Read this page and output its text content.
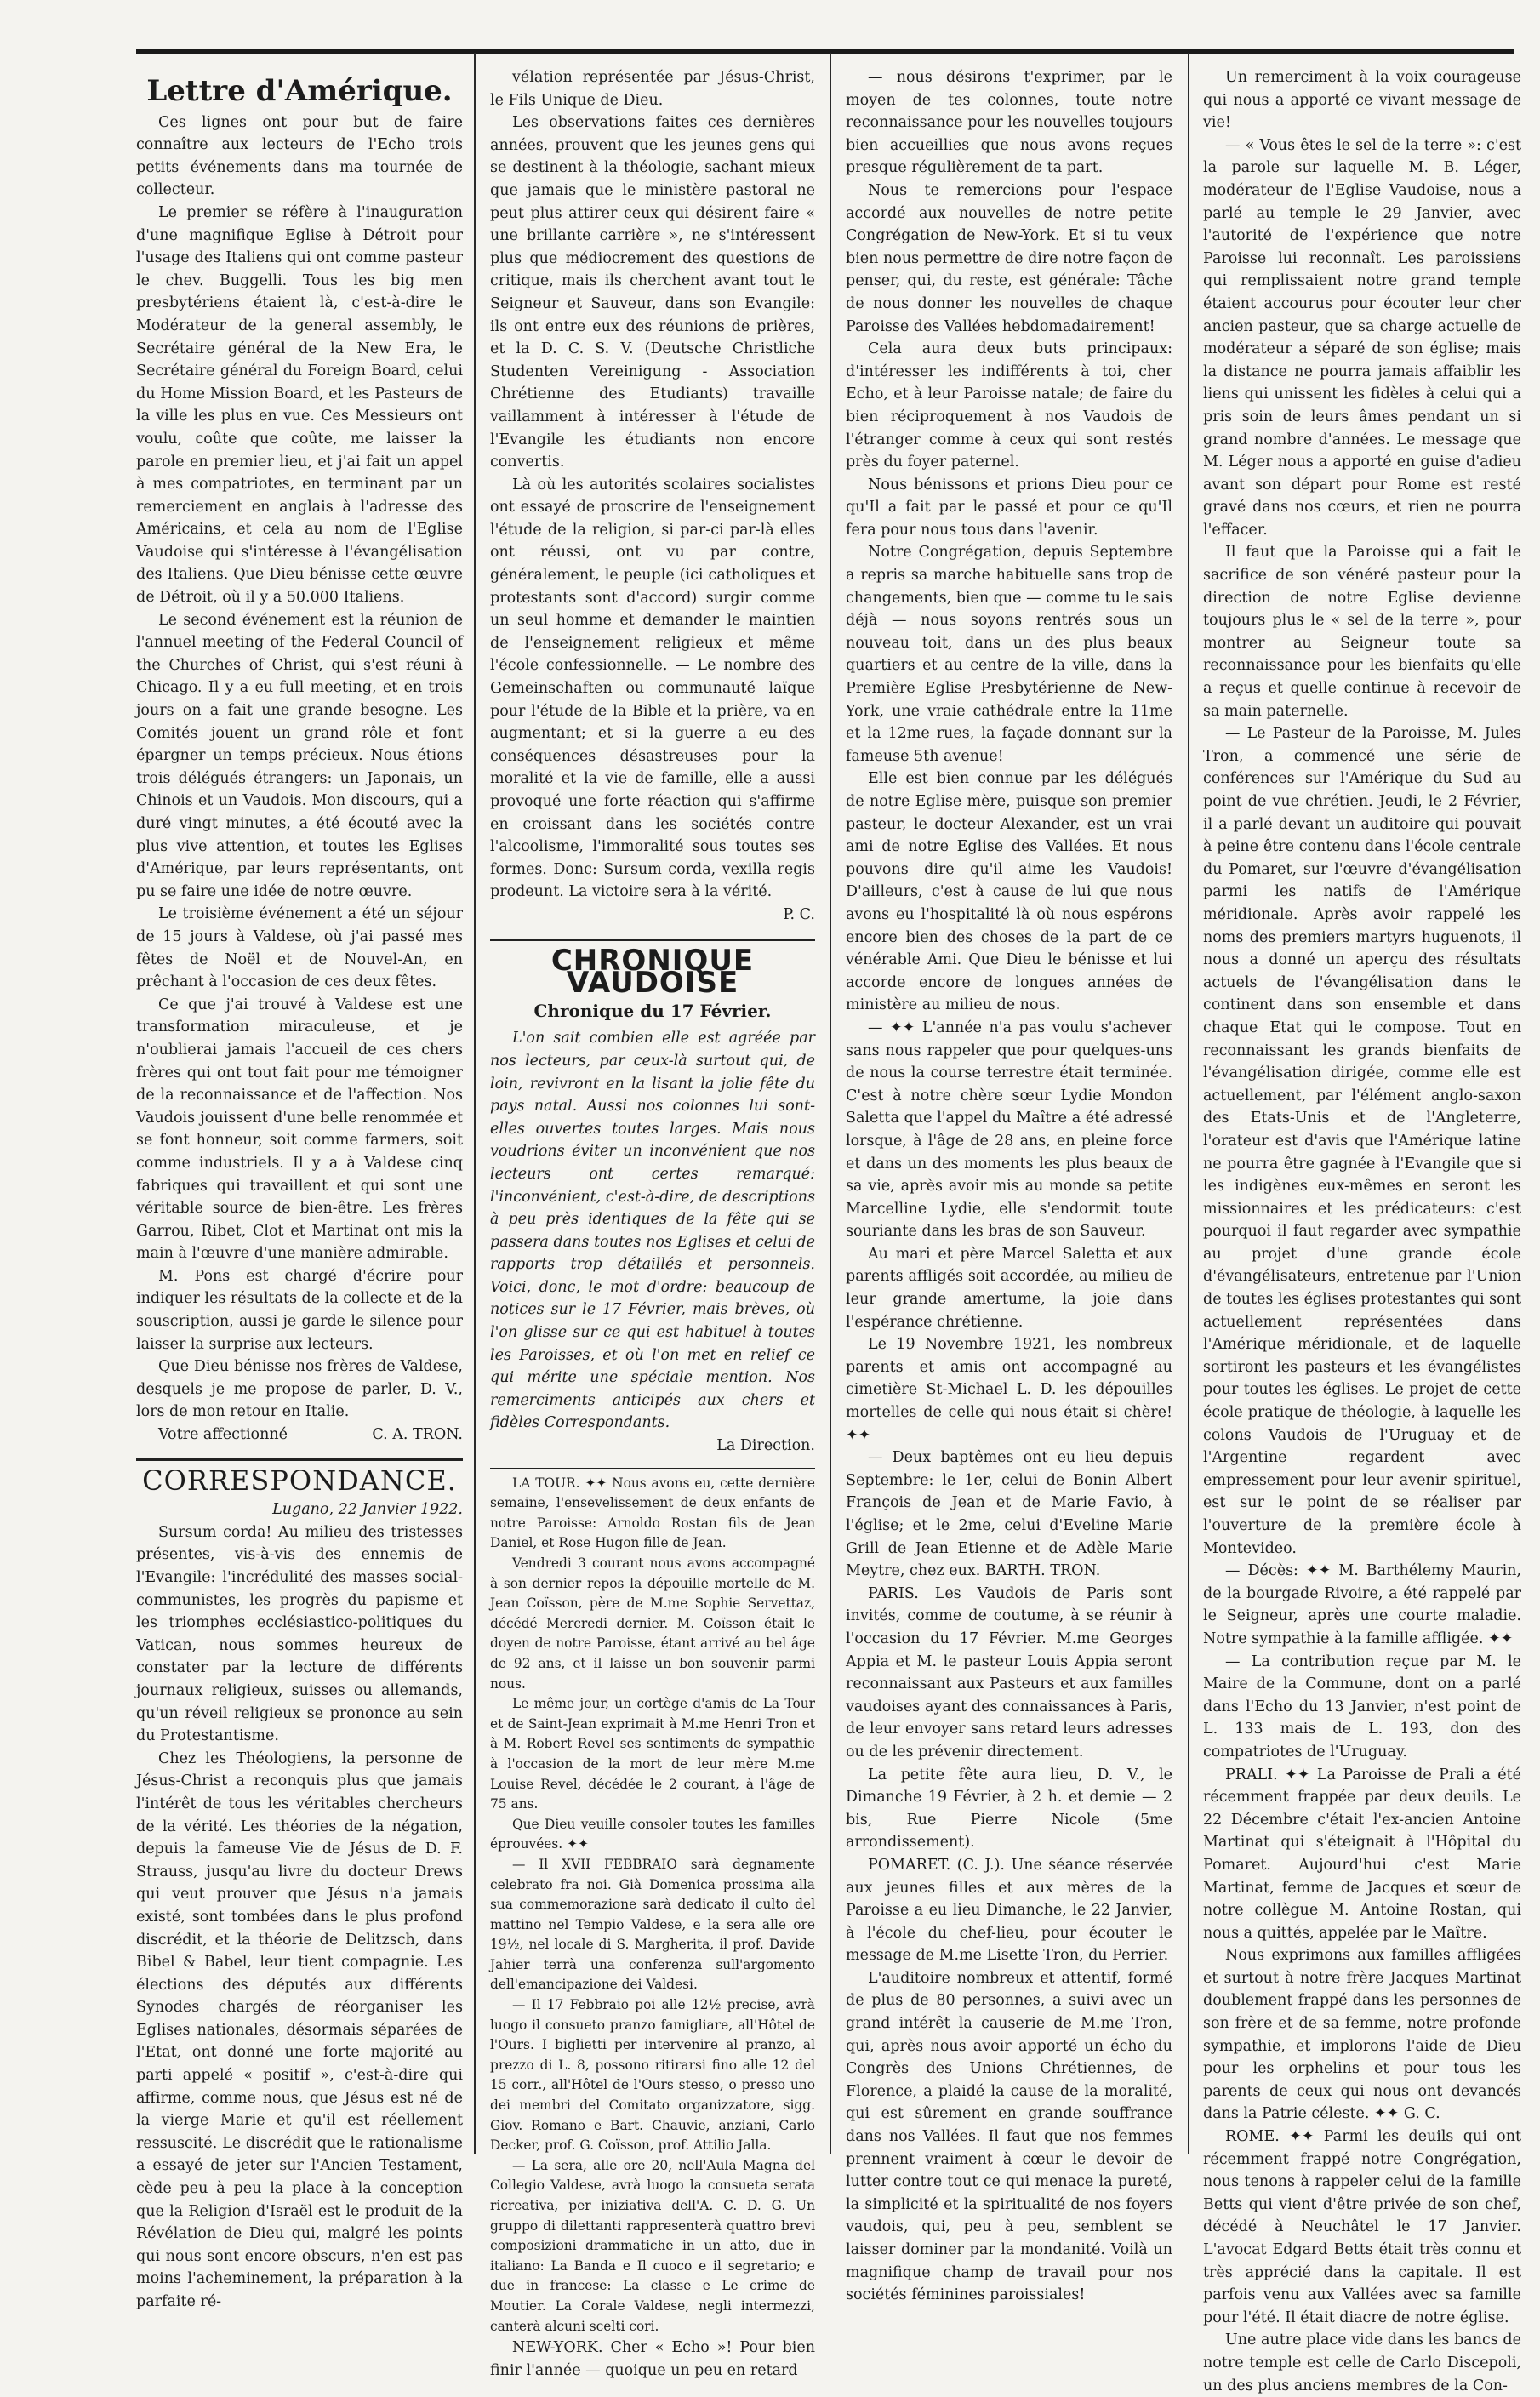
Lettre d'Amérique.

Ces lignes ont pour but de faire connaître aux lecteurs de l'Echo trois petits événements dans ma tournée de collecteur.

Le premier se réfère à l'inauguration d'une magnifique Eglise à Détroit pour l'usage des Italiens qui ont comme pasteur le chev. Buggelli. Tous les big men presbytériens étaient là, c'est-à-dire le Modérateur de la general assembly, le Secrétaire général de la New Era, le Secrétaire général du Foreign Board, celui du Home Mission Board, et les Pasteurs de la ville les plus en vue. Ces Messieurs ont voulu, coûte que coûte, me laisser la parole en premier lieu, et j'ai fait un appel à mes compatriotes, en terminant par un remerciement en anglais à l'adresse des Américains, et cela au nom de l'Eglise Vaudoise qui s'intéresse à l'évangélisation des Italiens. Que Dieu bénisse cette œuvre de Détroit, où il y a 50.000 Italiens.

Le second événement est la réunion de l'annuel meeting of the Federal Council of the Churches of Christ, qui s'est réuni à Chicago. Il y a eu full meeting, et en trois jours on a fait une grande besogne. Les Comités jouent un grand rôle et font épargner un temps précieux. Nous étions trois délégués étrangers: un Japonais, un Chinois et un Vaudois. Mon discours, qui a duré vingt minutes, a été écouté avec la plus vive attention, et toutes les Eglises d'Amérique, par leurs représentants, ont pu se faire une idée de notre œuvre.

Le troisième événement a été un séjour de 15 jours à Valdese, où j'ai passé mes fêtes de Noël et de Nouvel-An, en prêchant à l'occasion de ces deux fêtes.

Ce que j'ai trouvé à Valdese est une transformation miraculeuse, et je n'oublierai jamais l'accueil de ces chers frères qui ont tout fait pour me témoigner de la reconnaissance et de l'affection. Nos Vaudois jouissent d'une belle renommée et se font honneur, soit comme farmers, soit comme industriels. Il y a à Valdese cinq fabriques qui travaillent et qui sont une véritable source de bien-être. Les frères Garrou, Ribet, Clot et Martinat ont mis la main à l'œuvre d'une manière admirable.

M. Pons est chargé d'écrire pour indiquer les résultats de la collecte et de la souscription, aussi je garde le silence pour laisser la surprise aux lecteurs.

Que Dieu bénisse nos frères de Valdese, desquels je me propose de parler, D. V., lors de mon retour en Italie.

Votre affectionné	C. A. TRON.

CORRESPONDANCE.
Lugano, 22 Janvier 1922.

Sursum corda! Au milieu des tristesses présentes, vis-à-vis des ennemis de l'Evangile: l'incrédulité des masses social-communistes, les progrès du papisme et les triomphes ecclésiastico-politiques du Vatican, nous sommes heureux de constater par la lecture de différents journaux religieux, suisses ou allemands, qu'un réveil religieux se prononce au sein du Protestantisme.

Chez les Théologiens, la personne de Jésus-Christ a reconquis plus que jamais l'intérêt de tous les véritables chercheurs de la vérité. Les théories de la négation, depuis la fameuse Vie de Jésus de D. F. Strauss, jusqu'au livre du docteur Drews qui veut prouver que Jésus n'a jamais existé, sont tombées dans le plus profond discrédit, et la théorie de Delitzsch, dans Bibel & Babel, leur tient compagnie. Les élections des députés aux différents Synodes chargés de réorganiser les Eglises nationales, désormais séparées de l'Etat, ont donné une forte majorité au parti appelé « positif », c'est-à-dire qui affirme, comme nous, que Jésus est né de la vierge Marie et qu'il est réellement ressuscité. Le discrédit que le rationalisme a essayé de jeter sur l'Ancien Testament, cède peu à peu la place à la conception que la Religion d'Israël est le produit de la Révélation de Dieu qui, malgré les points qui nous sont encore obscurs, n'en est pas moins l'acheminement, la préparation à la parfaite ré-

vélation représentée par Jésus-Christ, le Fils Unique de Dieu.

Les observations faites ces dernières années, prouvent que les jeunes gens qui se destinent à la théologie, sachant mieux que jamais que le ministère pastoral ne peut plus attirer ceux qui désirent faire « une brillante carrière », ne s'intéressent plus que médiocrement des questions de critique, mais ils cherchent avant tout le Seigneur et Sauveur, dans son Evangile: ils ont entre eux des réunions de prières, et la D. C. S. V. (Deutsche Christliche Studenten Vereinigung - Association Chrétienne des Etudiants) travaille vaillamment à intéresser à l'étude de l'Evangile les étudiants non encore convertis.

Là où les autorités scolaires socialistes ont essayé de proscrire de l'enseignement l'étude de la religion, si par-ci par-là elles ont réussi, ont vu par contre, généralement, le peuple (ici catholiques et protestants sont d'accord) surgir comme un seul homme et demander le maintien de l'enseignement religieux et même l'école confessionnelle. — Le nombre des Gemeinschaften ou communauté laïque pour l'étude de la Bible et la prière, va en augmentant; et si la guerre a eu des conséquences désastreuses pour la moralité et la vie de famille, elle a aussi provoqué une forte réaction qui s'affirme en croissant dans les sociétés contre l'alcoolisme, l'immoralité sous toutes ses formes. Donc: Sursum corda, vexilla regis prodeunt. La victoire sera à la vérité.

P. C.
CHRONIQUE VAUDOISE
Chronique du 17 Février.

L'on sait combien elle est agréée par nos lecteurs, par ceux-là surtout qui, de loin, revivront en la lisant la jolie fête du pays natal. Aussi nos colonnes lui sont-elles ouvertes toutes larges. Mais nous voudrions éviter un inconvénient que nos lecteurs ont certes remarqué: l'inconvénient, c'est-à-dire, de descriptions à peu près identiques de la fête qui se passera dans toutes nos Eglises et celui de rapports trop détaillés et personnels. Voici, donc, le mot d'ordre: beaucoup de notices sur le 17 Février, mais brèves, où l'on glisse sur ce qui est habituel à toutes les Paroisses, et où l'on met en relief ce qui mérite une spéciale mention. Nos remerciments anticipés aux chers et fidèles Correspondants.

La Direction.

LA TOUR. ✦✦ Nous avons eu, cette dernière semaine, l'ensevelissement de deux enfants de notre Paroisse: Arnoldo Rostan fils de Jean Daniel, et Rose Hugon fille de Jean.

Vendredi 3 courant nous avons accompagné à son dernier repos la dépouille mortelle de M. Jean Coïsson, père de M.me Sophie Servettaz, décédé Mercredi dernier. M. Coïsson était le doyen de notre Paroisse, étant arrivé au bel âge de 92 ans, et il laisse un bon souvenir parmi nous.

Le même jour, un cortège d'amis de La Tour et de Saint-Jean exprimait à M.me Henri Tron et à M. Robert Revel ses sentiments de sympathie à l'occasion de la mort de leur mère M.me Louise Revel, décédée le 2 courant, à l'âge de 75 ans.

Que Dieu veuille consoler toutes les familles éprouvées. ✦✦

— Il XVII FEBBRAIO sarà degnamente celebrato fra noi. Già Domenica prossima alla sua commemorazione sarà dedicato il culto del mattino nel Tempio Valdese, e la sera alle ore 19½, nel locale di S. Margherita, il prof. Davide Jahier terrà una conferenza sull'argomento dell'emancipazione dei Valdesi.

— Il 17 Febbraio poi alle 12½ precise, avrà luogo il consueto pranzo famigliare, all'Hôtel de l'Ours. I biglietti per intervenire al pranzo, al prezzo di L. 8, possono ritirarsi fino alle 12 del 15 corr., all'Hôtel de l'Ours stesso, o presso uno dei membri del Comitato organizzatore, sigg. Giov. Romano e Bart. Chauvie, anziani, Carlo Decker, prof. G. Coïsson, prof. Attilio Jalla.

— La sera, alle ore 20, nell'Aula Magna del Collegio Valdese, avrà luogo la consueta serata ricreativa, per iniziativa dell'A. C. D. G. Un gruppo di dilettanti rappresenterà quattro brevi composizioni drammatiche in un atto, due in italiano: La Banda e Il cuoco e il segretario; e due in francese: La classe e Le crime de Moutier. La Corale Valdese, negli intermezzi, canterà alcuni scelti cori.

NEW-YORK. Cher « Echo »! Pour bien finir l'année — quoique un peu en retard

— nous désirons t'exprimer, par le moyen de tes colonnes, toute notre reconnaissance pour les nouvelles toujours bien accueillies que nous avons reçues presque régulièrement de ta part.

Nous te remercions pour l'espace accordé aux nouvelles de notre petite Congrégation de New-York. Et si tu veux bien nous permettre de dire notre façon de penser, qui, du reste, est générale: Tâche de nous donner les nouvelles de chaque Paroisse des Vallées hebdomadairement!

Cela aura deux buts principaux: d'intéresser les indifférents à toi, cher Echo, et à leur Paroisse natale; de faire du bien réciproquement à nos Vaudois de l'étranger comme à ceux qui sont restés près du foyer paternel.

Nous bénissons et prions Dieu pour ce qu'Il a fait par le passé et pour ce qu'Il fera pour nous tous dans l'avenir.

Notre Congrégation, depuis Septembre a repris sa marche habituelle sans trop de changements, bien que — comme tu le sais déjà — nous soyons rentrés sous un nouveau toit, dans un des plus beaux quartiers et au centre de la ville, dans la Première Eglise Presbytérienne de New-York, une vraie cathédrale entre la 11me et la 12me rues, la façade donnant sur la fameuse 5th avenue!

Elle est bien connue par les délégués de notre Eglise mère, puisque son premier pasteur, le docteur Alexander, est un vrai ami de notre Eglise des Vallées. Et nous pouvons dire qu'il aime les Vaudois! D'ailleurs, c'est à cause de lui que nous avons eu l'hospitalité là où nous espérons encore bien des choses de la part de ce vénérable Ami. Que Dieu le bénisse et lui accorde encore de longues années de ministère au milieu de nous.

— ✦✦ L'année n'a pas voulu s'achever sans nous rappeler que pour quelques-uns de nous la course terrestre était terminée. C'est à notre chère sœur Lydie Mondon Saletta que l'appel du Maître a été adressé lorsque, à l'âge de 28 ans, en pleine force et dans un des moments les plus beaux de sa vie, après avoir mis au monde sa petite Marcelline Lydie, elle s'endormit toute souriante dans les bras de son Sauveur.

Au mari et père Marcel Saletta et aux parents affligés soit accordée, au milieu de leur grande amertume, la joie dans l'espérance chrétienne.

Le 19 Novembre 1921, les nombreux parents et amis ont accompagné au cimetière St-Michael L. D. les dépouilles mortelles de celle qui nous était si chère! ✦✦

— Deux baptêmes ont eu lieu depuis Septembre: le 1er, celui de Bonin Albert François de Jean et de Marie Favio, à l'église; et le 2me, celui d'Eveline Marie Grill de Jean Etienne et de Adèle Marie Meytre, chez eux. BARTH. TRON.

PARIS. Les Vaudois de Paris sont invités, comme de coutume, à se réunir à l'occasion du 17 Février. M.me Georges Appia et M. le pasteur Louis Appia seront reconnaissant aux Pasteurs et aux familles vaudoises ayant des connaissances à Paris, de leur envoyer sans retard leurs adresses ou de les prévenir directement.

La petite fête aura lieu, D. V., le Dimanche 19 Février, à 2 h. et demie — 2 bis, Rue Pierre Nicole (5me arrondissement).

POMARET. (C. J.). Une séance réservée aux jeunes filles et aux mères de la Paroisse a eu lieu Dimanche, le 22 Janvier, à l'école du chef-lieu, pour écouter le message de M.me Lisette Tron, du Perrier.

L'auditoire nombreux et attentif, formé de plus de 80 personnes, a suivi avec un grand intérêt la causerie de M.me Tron, qui, après nous avoir apporté un écho du Congrès des Unions Chrétiennes, de Florence, a plaidé la cause de la moralité, qui est sûrement en grande souffrance dans nos Vallées. Il faut que nos femmes prennent vraiment à cœur le devoir de lutter contre tout ce qui menace la pureté, la simplicité et la spiritualité de nos foyers vaudois, qui, peu à peu, semblent se laisser dominer par la mondanité. Voilà un magnifique champ de travail pour nos sociétés féminines paroissiales!

Un remerciment à la voix courageuse qui nous a apporté ce vivant message de vie!

— « Vous êtes le sel de la terre »: c'est la parole sur laquelle M. B. Léger, modérateur de l'Eglise Vaudoise, nous a parlé au temple le 29 Janvier, avec l'autorité de l'expérience que notre Paroisse lui reconnaît. Les paroissiens qui remplissaient notre grand temple étaient accourus pour écouter leur cher ancien pasteur, que sa charge actuelle de modérateur a séparé de son église; mais la distance ne pourra jamais affaiblir les liens qui unissent les fidèles à celui qui a pris soin de leurs âmes pendant un si grand nombre d'années. Le message que M. Léger nous a apporté en guise d'adieu avant son départ pour Rome est resté gravé dans nos cœurs, et rien ne pourra l'effacer.

Il faut que la Paroisse qui a fait le sacrifice de son vénéré pasteur pour la direction de notre Eglise devienne toujours plus le « sel de la terre », pour montrer au Seigneur toute sa reconnaissance pour les bienfaits qu'elle a reçus et quelle continue à recevoir de sa main paternelle.

— Le Pasteur de la Paroisse, M. Jules Tron, a commencé une série de conférences sur l'Amérique du Sud au point de vue chrétien. Jeudi, le 2 Février, il a parlé devant un auditoire qui pouvait à peine être contenu dans l'école centrale du Pomaret, sur l'œuvre d'évangélisation parmi les natifs de l'Amérique méridionale. Après avoir rappelé les noms des premiers martyrs huguenots, il nous a donné un aperçu des résultats actuels de l'évangélisation dans le continent dans son ensemble et dans chaque Etat qui le compose. Tout en reconnaissant les grands bienfaits de l'évangélisation dirigée, comme elle est actuellement, par l'élément anglo-saxon des Etats-Unis et de l'Angleterre, l'orateur est d'avis que l'Amérique latine ne pourra être gagnée à l'Evangile que si les indigènes eux-mêmes en seront les missionnaires et les prédicateurs: c'est pourquoi il faut regarder avec sympathie au projet d'une grande école d'évangélisateurs, entretenue par l'Union de toutes les églises protestantes qui sont actuellement représentées dans l'Amérique méridionale, et de laquelle sortiront les pasteurs et les évangélistes pour toutes les églises. Le projet de cette école pratique de théologie, à laquelle les colons Vaudois de l'Uruguay et de l'Argentine regardent avec empressement pour leur avenir spirituel, est sur le point de se réaliser par l'ouverture de la première école à Montevideo.

— Décès: ✦✦ M. Barthélemy Maurin, de la bourgade Rivoire, a été rappelé par le Seigneur, après une courte maladie. Notre sympathie à la famille affligée. ✦✦

— La contribution reçue par M. le Maire de la Commune, dont on a parlé dans l'Echo du 13 Janvier, n'est point de L. 133 mais de L. 193, don des compatriotes de l'Uruguay.

PRALI. ✦✦ La Paroisse de Prali a été récemment frappée par deux deuils. Le 22 Décembre c'était l'ex-ancien Antoine Martinat qui s'éteignait à l'Hôpital du Pomaret. Aujourd'hui c'est Marie Martinat, femme de Jacques et sœur de notre collègue M. Antoine Rostan, qui nous a quittés, appelée par le Maître.

Nous exprimons aux familles affligées et surtout à notre frère Jacques Martinat doublement frappé dans les personnes de son frère et de sa femme, notre profonde sympathie, et implorons l'aide de Dieu pour les orphelins et pour tous les parents de ceux qui nous ont devancés dans la Patrie céleste. ✦✦ G. C.

ROME. ✦✦ Parmi les deuils qui ont récemment frappé notre Congrégation, nous tenons à rappeler celui de la famille Betts qui vient d'être privée de son chef, décédé à Neuchâtel le 17 Janvier. L'avocat Edgard Betts était très connu et très apprécié dans la capitale. Il est parfois venu aux Vallées avec sa famille pour l'été. Il était diacre de notre église.

Une autre place vide dans les bancs de notre temple est celle de Carlo Discepoli, un des plus anciens membres de la Con-
